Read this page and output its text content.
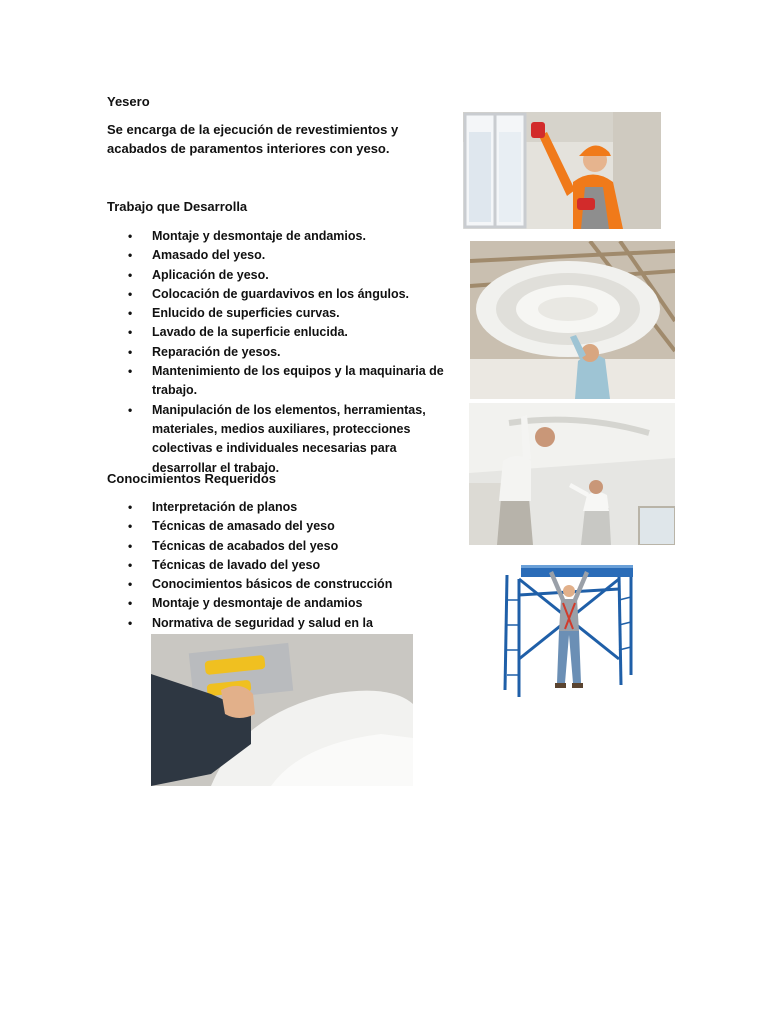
Yesero
Se encarga de la ejecución de revestimientos y acabados de paramentos interiores con yeso.
Trabajo que Desarrolla
• Montaje y desmontaje de andamios.
• Amasado del yeso.
• Aplicación de yeso.
• Colocación de guardavivos en los ángulos.
• Enlucido de superficies curvas.
• Lavado de la superficie enlucida.
• Reparación de yesos.
• Mantenimiento de los equipos y la maquinaria de trabajo.
• Manipulación de los elementos, herramientas, materiales, medios auxiliares, protecciones colectivas e individuales necesarias para desarrollar el trabajo.
Conocimientos Requeridos
• Interpretación de planos
• Técnicas de amasado del yeso
• Técnicas de acabados del yeso
• Técnicas de lavado del yeso
• Conocimientos básicos de construcción
• Montaje y desmontaje de andamios
• Normativa de seguridad y salud en la
